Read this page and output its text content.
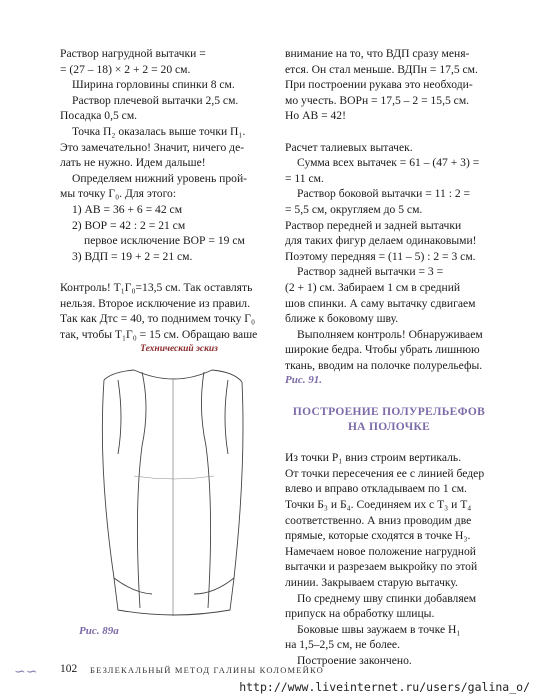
Раствор нагрудной вытачки =

= (27 – 18) × 2 + 2 = 20 см.

Ширина горловины спинки 8 см.

Раствор плечевой вытачки 2,5 см.

Посадка 0,5 см.

Точка П₂ оказалась выше точки П₁.

Это замечательно! Значит, ничего де-

лать не нужно. Идем дальше!

Определяем нижний уровень прой-

мы точку Г₀. Для этого:

1) АВ = 36 + 6 = 42 см

2) ВОР = 42 : 2 = 21 см

первое исключение ВОР = 19 см

3) ВДП = 19 + 2 = 21 см.

Контроль! Т₁Г₀=13,5 см. Так оставлять

нельзя. Второе исключение из правил.

Так как Дтс = 40, то поднимем точку Г₀

так, чтобы Т₁Г₀ = 15 см. Обращаю ваше

Технический эскиз

Рис. 89а

внимание на то, что ВДП сразу меня-

ется. Он стал меньше. ВДПн = 17,5 см.

При построении рукава это необходи-

мо учесть. ВОРн = 17,5 – 2 = 15,5 см.

Но АВ = 42!

Расчет талиевых вытачек.

Сумма всех вытачек = 61 – (47 + 3) =

= 11 см.

Раствор боковой вытачки = 11 : 2 =

= 5,5 см, округляем до 5 см.

Раствор передней и задней вытачки

для таких фигур делаем одинаковыми!

Поэтому передняя = (11 – 5) : 2 = 3 см.

Раствор задней вытачки = 3 =

(2 + 1) см. Забираем 1 см в средний

шов спинки. А саму вытачку сдвигаем

ближе к боковому шву.

Выполняем контроль! Обнаруживаем

широкие бедра. Чтобы убрать лишнюю

ткань, вводим на полочке полурельефы.

Рис. 91.

ПОСТРОЕНИЕ ПОЛУРЕЛЬЕФОВ

НА ПОЛОЧКЕ

Из точки Р₁ вниз строим вертикаль.

От точки пересечения ее с линией бедер

влево и вправо откладываем по 1 см.

Точки Б₃ и Б₄. Соединяем их с Т₃ и Т₄

соответственно. А вниз проводим две

прямые, которые сходятся в точке Н₃.

Намечаем новое положение нагрудной

вытачки и разрезаем выкройку по этой

линии. Закрываем старую вытачку.

По среднему шву спинки добавляем

припуск на обработку шлицы.

Боковые швы заужаем в точке Н₁

на 1,5–2,5 см, не более.

Построение закончено.

∽∽ 102 БЕЗЛЕКАЛЬНЫЙ МЕТОД ГАЛИНЫ КОЛОМЕЙКО
http://www.liveinternet.ru/users/galina_o/
